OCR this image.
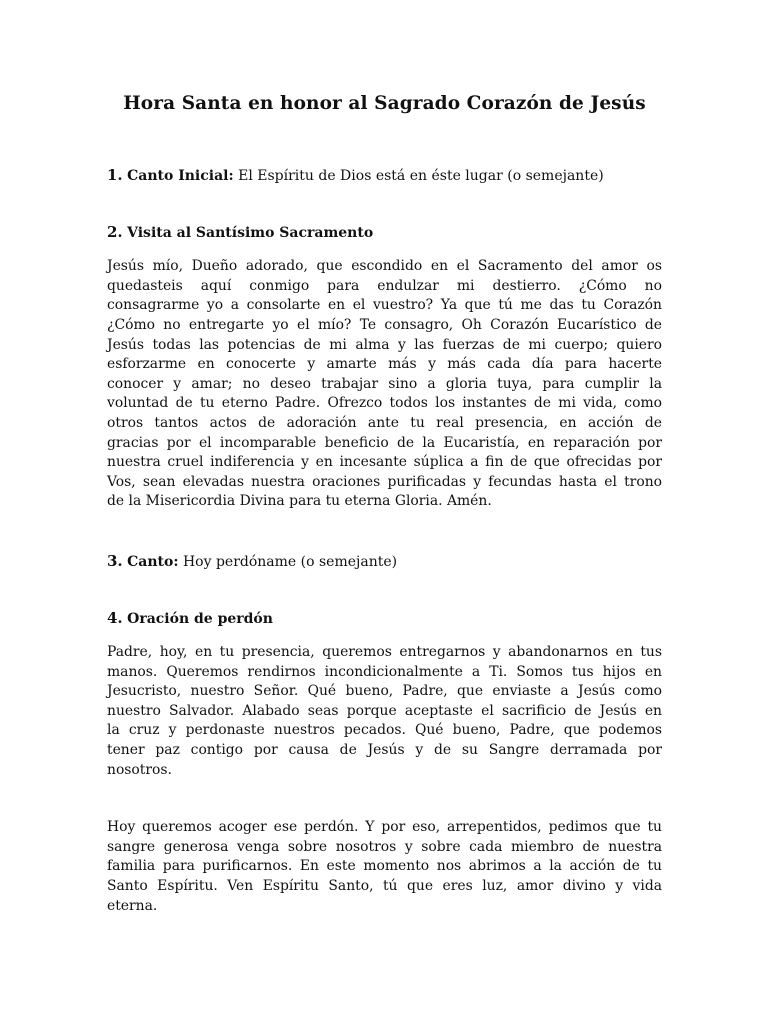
Hora Santa en honor al Sagrado Corazón de Jesús

1. Canto Inicial: El Espíritu de Dios está en éste lugar (o semejante)

2. Visita al Santísimo Sacramento

Jesús mío, Dueño adorado, que escondido en el Sacramento del amor os
quedasteis aquí conmigo para endulzar mi destierro. ¿Cómo no
consagrarme yo a consolarte en el vuestro? Ya que tú me das tu Corazón
¿Cómo no entregarte yo el mío? Te consagro, Oh Corazón Eucarístico de
Jesús todas las potencias de mi alma y las fuerzas de mi cuerpo; quiero
esforzarme en conocerte y amarte más y más cada día para hacerte
conocer y amar; no deseo trabajar sino a gloria tuya, para cumplir la
voluntad de tu eterno Padre. Ofrezco todos los instantes de mi vida, como
otros tantos actos de adoración ante tu real presencia, en acción de
gracias por el incomparable beneficio de la Eucaristía, en reparación por
nuestra cruel indiferencia y en incesante súplica a fin de que ofrecidas por
Vos, sean elevadas nuestra oraciones purificadas y fecundas hasta el trono
de la Misericordia Divina para tu eterna Gloria. Amén.

3. Canto: Hoy perdóname (o semejante)

4. Oración de perdón

Padre, hoy, en tu presencia, queremos entregarnos y abandonarnos en tus
manos. Queremos rendirnos incondicionalmente a Ti. Somos tus hijos en
Jesucristo, nuestro Señor. Qué bueno, Padre, que enviaste a Jesús como
nuestro Salvador. Alabado seas porque aceptaste el sacrificio de Jesús en
la cruz y perdonaste nuestros pecados. Qué bueno, Padre, que podemos
tener paz contigo por causa de Jesús y de su Sangre derramada por
nosotros.
Hoy queremos acoger ese perdón. Y por eso, arrepentidos, pedimos que tu
sangre generosa venga sobre nosotros y sobre cada miembro de nuestra
familia para purificarnos. En este momento nos abrimos a la acción de tu
Santo Espíritu. Ven Espíritu Santo, tú que eres luz, amor divino y vida
eterna.
